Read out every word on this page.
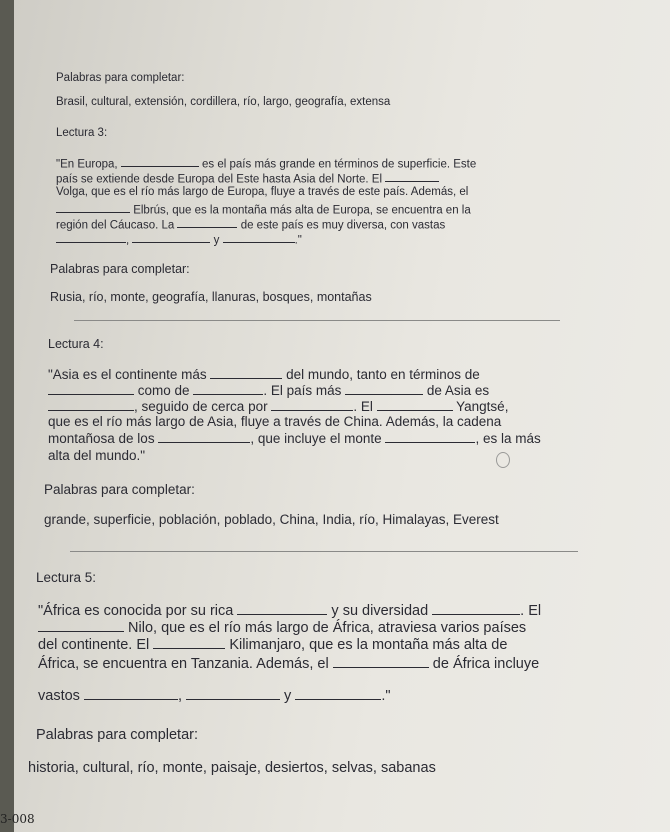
Palabras para completar:
Brasil, cultural, extensión, cordillera, río, largo, geografía, extensa
Lectura 3:
"En Europa,	es el país más grande en términos de superficie. Este
país se extiende desde Europa del Este hasta Asia del Norte. El
Volga, que es el río más largo de Europa, fluye a través de este país. Además, el
Elbrús, que es la montaña más alta de Europa, se encuentra en la
región del Cáucaso. La	de este país es muy diversa, con vastas
,	y	."
Palabras para completar:
Rusia, río, monte, geografía, llanuras, bosques, montañas
Lectura 4:
"Asia es el continente más	del mundo, tanto en términos de
como de	. El país más	de Asia es
, seguido de cerca por	. El	Yangtsé,
que es el río más largo de Asia, fluye a través de China. Además, la cadena
montañosa de los	, que incluye el monte	, es la más
alta del mundo."
Palabras para completar:
grande, superficie, población, poblado, China, India, río, Himalayas, Everest
Lectura 5:
"África es conocida por su rica	y su diversidad	. El
Nilo, que es el río más largo de África, atraviesa varios países
del continente. El	Kilimanjaro, que es la montaña más alta de
África, se encuentra en Tanzania. Además, el	de África incluye
vastos	,	y	."
Palabras para completar:
historia, cultural, río, monte, paisaje, desiertos, selvas, sabanas
3-008
